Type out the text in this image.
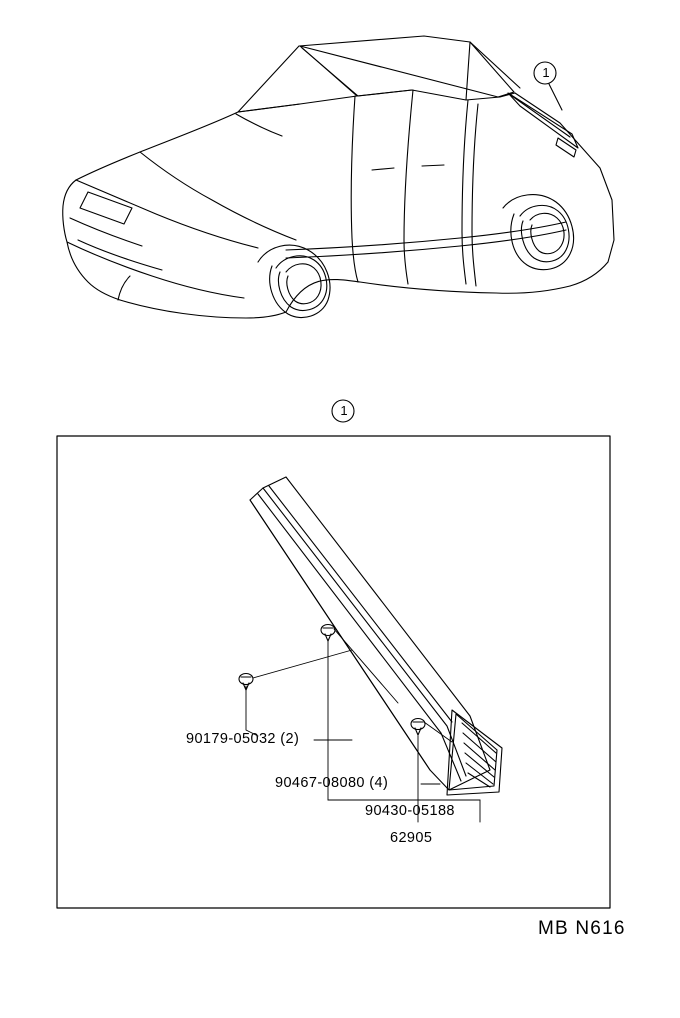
1
1
90179-05032 (2)
90467-08080 (4)
90430-05188
62905
MB N616
